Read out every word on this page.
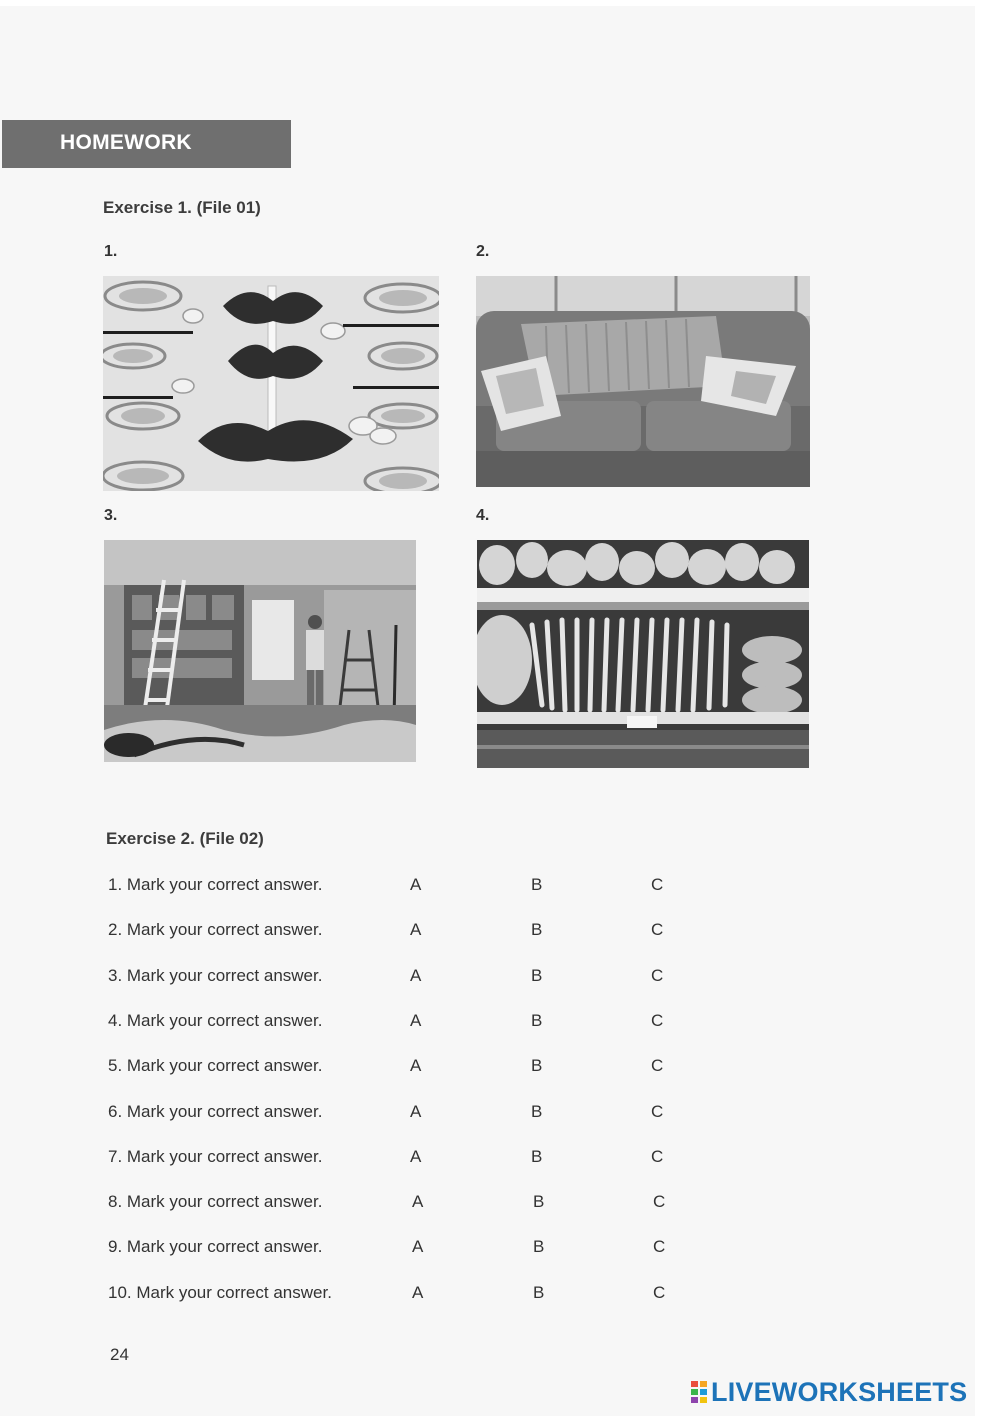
HOMEWORK
Exercise 1. (File 01)
1.	2.
3.	4.
Exercise 2. (File 02)
1. Mark your correct answer.	A	B	C
2. Mark your correct answer.	A	B	C
3. Mark your correct answer.	A	B	C
4. Mark your correct answer.	A	B	C
5. Mark your correct answer.	A	B	C
6. Mark your correct answer.	A	B	C
7. Mark your correct answer.	A	B	C
8. Mark your correct answer.	A	B	C
9. Mark your correct answer.	A	B	C
10. Mark your correct answer.	A	B	C
24
LIVEWORKSHEETS
